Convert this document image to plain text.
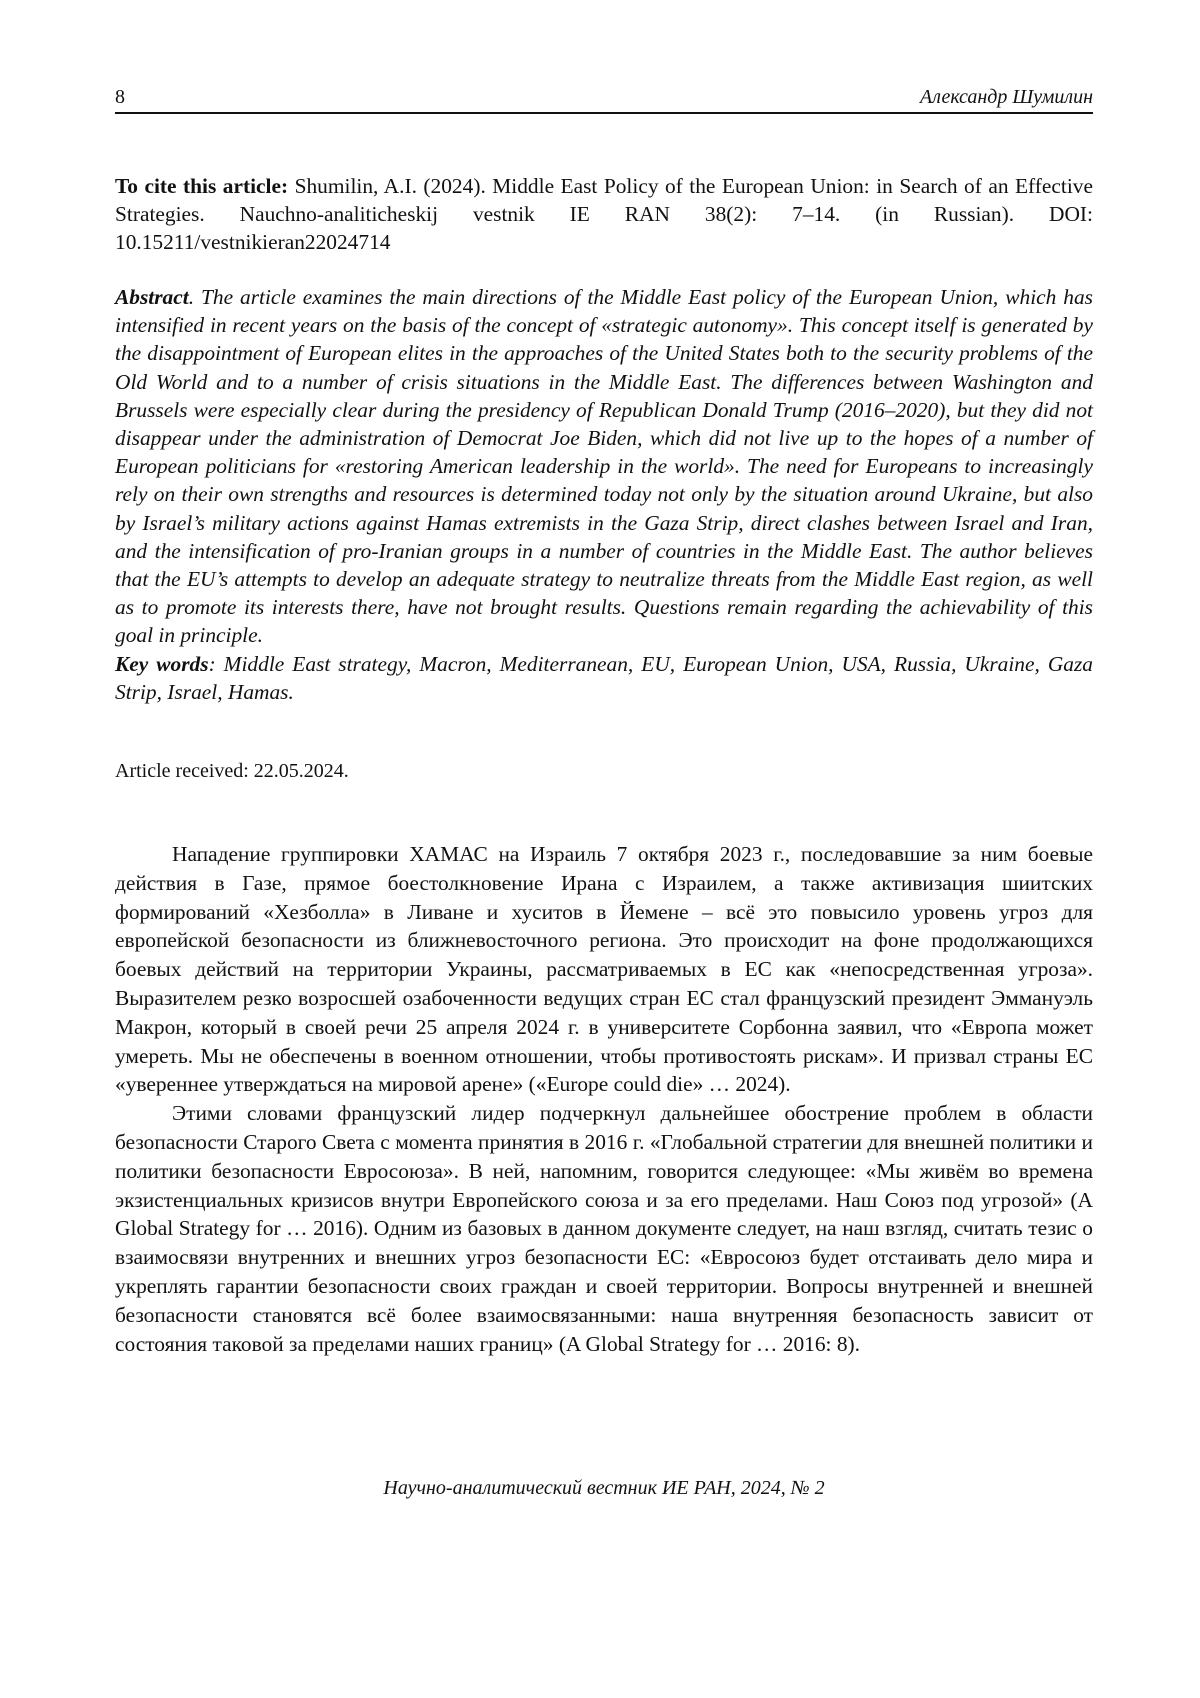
8	Александр Шумилин
To cite this article: Shumilin, A.I. (2024). Middle East Policy of the European Union: in Search of an Effective Strategies. Nauchno-analiticheskij vestnik IE RAN 38(2): 7–14. (in Russian). DOI: 10.15211/vestnikieran22024714
Abstract. The article examines the main directions of the Middle East policy of the European Union, which has intensified in recent years on the basis of the concept of «strategic autonomy». This concept itself is generated by the disappointment of European elites in the approaches of the United States both to the security problems of the Old World and to a number of crisis situations in the Middle East. The differences between Washington and Brussels were especially clear during the presidency of Republican Donald Trump (2016–2020), but they did not disappear under the administration of Democrat Joe Biden, which did not live up to the hopes of a number of European politicians for «restoring American leadership in the world». The need for Europeans to increasingly rely on their own strengths and resources is determined today not only by the situation around Ukraine, but also by Israel’s military actions against Hamas extremists in the Gaza Strip, direct clashes between Israel and Iran, and the intensification of pro-Iranian groups in a number of countries in the Middle East. The author believes that the EU’s attempts to develop an adequate strategy to neutralize threats from the Middle East region, as well as to promote its interests there, have not brought results. Questions remain regarding the achievability of this goal in principle.
Key words: Middle East strategy, Macron, Mediterranean, EU, European Union, USA, Russia, Ukraine, Gaza Strip, Israel, Hamas.
Article received: 22.05.2024.

Нападение группировки ХАМАС на Израиль 7 октября 2023 г., последовавшие за ним боевые действия в Газе, прямое боестолкновение Ирана с Израилем, а также активизация шиитских формирований «Хезболла» в Ливане и хуситов в Йемене – всё это повысило уровень угроз для европейской безопасности из ближневосточного региона. Это происходит на фоне продолжающихся боевых действий на территории Украины, рассматриваемых в ЕС как «непосредственная угроза». Выразителем резко возросшей озабоченности ведущих стран ЕС стал французский президент Эммануэль Макрон, который в своей речи 25 апреля 2024 г. в университете Сорбонна заявил, что «Европа может умереть. Мы не обеспечены в военном отношении, чтобы противостоять рискам». И призвал страны ЕС «увереннее утверждаться на мировой арене» («Europe could die» … 2024).

Этими словами французский лидер подчеркнул дальнейшее обострение проблем в области безопасности Старого Света с момента принятия в 2016 г. «Глобальной стратегии для внешней политики и политики безопасности Евросоюза». В ней, напомним, говорится следующее: «Мы живём во времена экзистенциальных кризисов внутри Европейского союза и за его пределами. Наш Союз под угрозой» (A Global Strategy for … 2016). Одним из базовых в данном документе следует, на наш взгляд, считать тезис о взаимосвязи внутренних и внешних угроз безопасности ЕС: «Евросоюз будет отстаивать дело мира и укреплять гарантии безопасности своих граждан и своей территории. Вопросы внутренней и внешней безопасности становятся всё более взаимосвязанными: наша внутренняя безопасность зависит от состояния таковой за пределами наших границ» (A Global Strategy for … 2016: 8).

Научно-аналитический вестник ИЕ РАН, 2024, № 2
